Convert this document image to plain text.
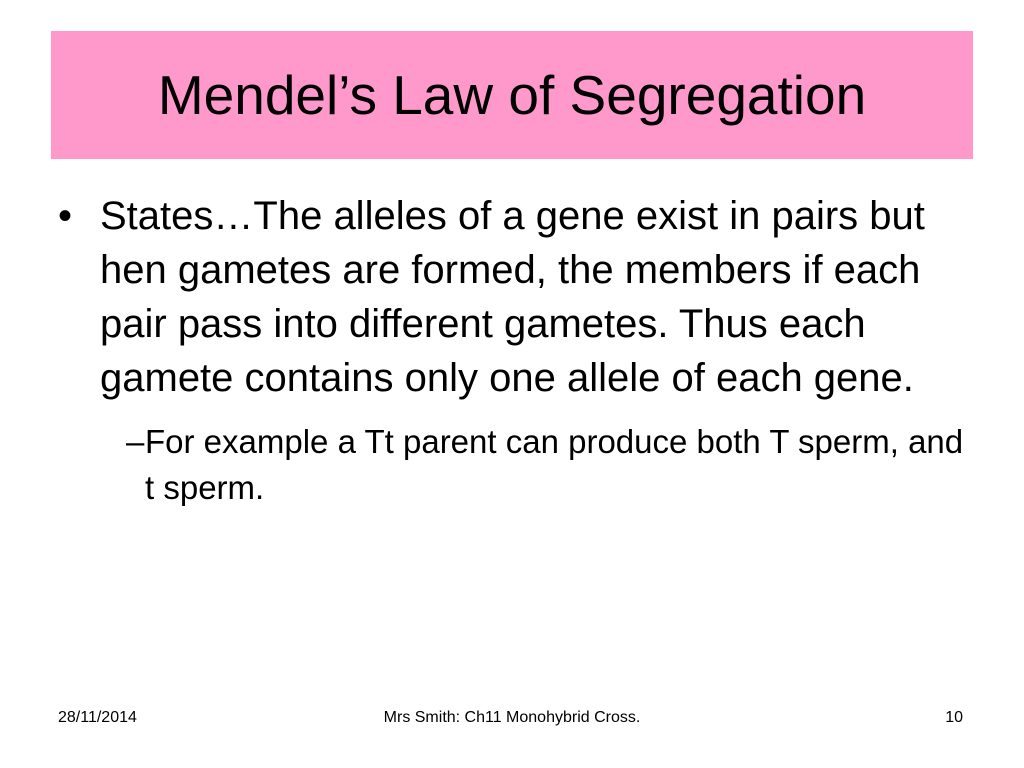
Mendel’s Law of Segregation
• States…The alleles of a gene exist in pairs but hen gametes are formed, the members if each pair pass into different gametes. Thus each gamete contains only one allele of each gene.
– For example a Tt parent can produce both T sperm, and t sperm.
28/11/2014	Mrs Smith: Ch11 Monohybrid Cross.	10
